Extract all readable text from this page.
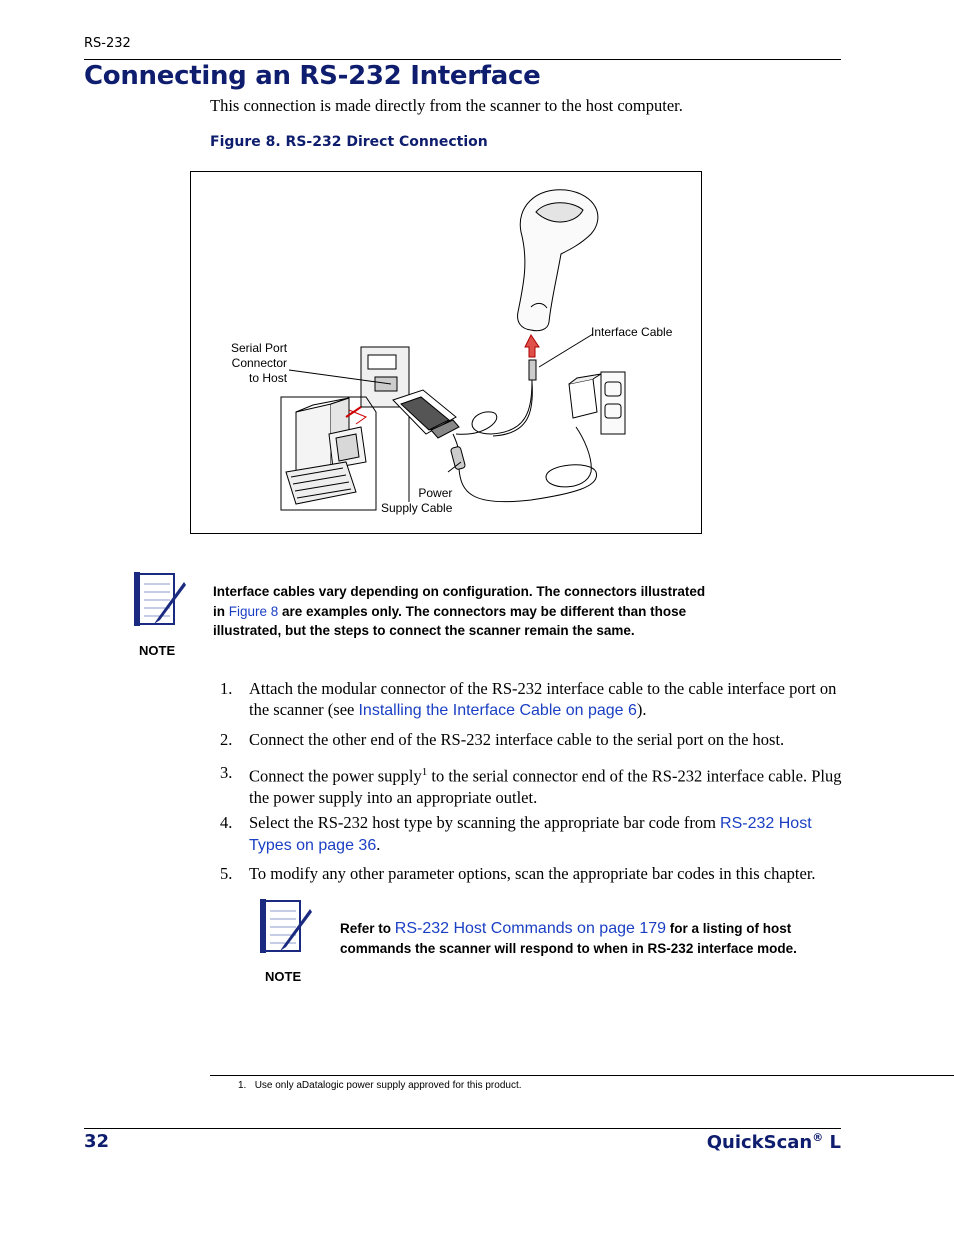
RS-232
Connecting an RS-232 Interface
This connection is made directly from the scanner to the host computer.
Figure 8. RS-232 Direct Connection
Serial Port
Connector
to Host
Interface Cable
Power
Supply Cable
NOTE
Interface cables vary depending on configuration. The connectors illustrated
in Figure 8 are examples only. The connectors may be different than those
illustrated, but the steps to connect the scanner remain the same.
1. Attach the modular connector of the RS-232 interface cable to the cable interface port on the scanner (see Installing the Interface Cable on page 6).
2. Connect the other end of the RS-232 interface cable to the serial port on the host.
3. Connect the power supply$^1$ to the serial connector end of the RS-232 interface cable. Plug the power supply into an appropriate outlet.
4. Select the RS-232 host type by scanning the appropriate bar code from RS-232 Host Types on page 36.
5. To modify any other parameter options, scan the appropriate bar codes in this chapter.
NOTE
Refer to RS-232 Host Commands on page 179 for a listing of host
commands the scanner will respond to when in RS-232 interface mode.
1. Use only aDatalogic power supply approved for this product.
32	QuickScan® L
